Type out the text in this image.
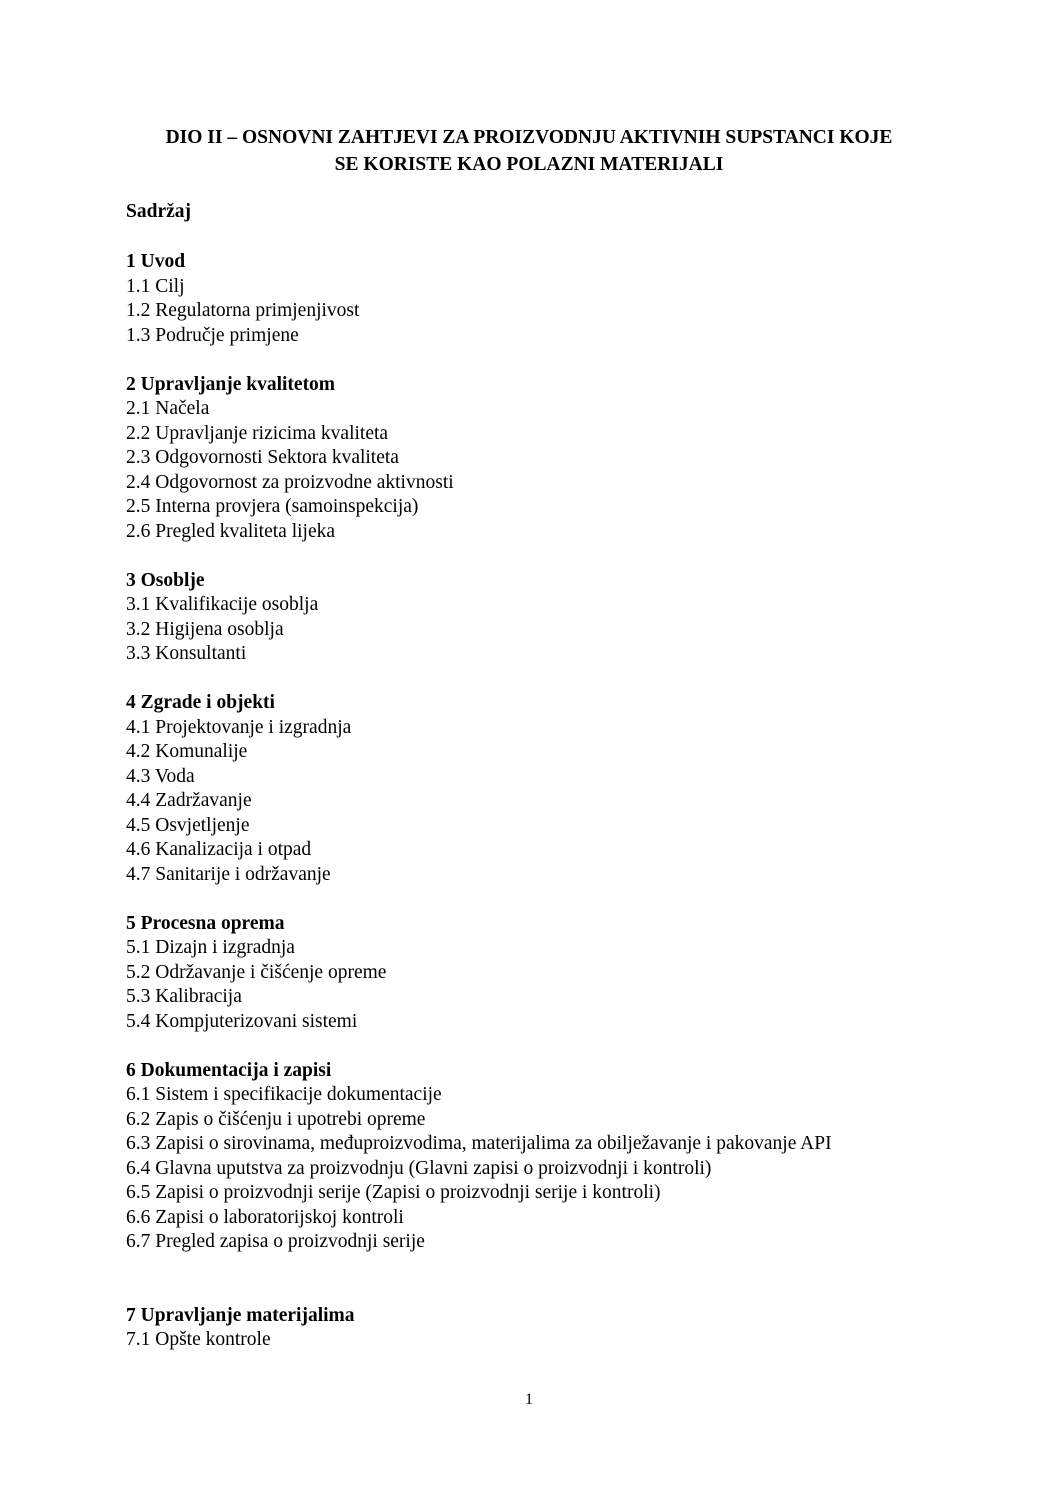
DIO II – OSNOVNI ZAHTJEVI ZA PROIZVODNJU AKTIVNIH SUPSTANCI KOJE
SE KORISTE KAO POLAZNI MATERIJALI
Sadržaj
1 Uvod
1.1 Cilj
1.2 Regulatorna primjenjivost
1.3 Područje primjene
2 Upravljanje kvalitetom
2.1 Načela
2.2 Upravljanje rizicima kvaliteta
2.3 Odgovornosti Sektora kvaliteta
2.4 Odgovornost za proizvodne aktivnosti
2.5 Interna provjera (samoinspekcija)
2.6 Pregled kvaliteta lijeka
3 Osoblje
3.1 Kvalifikacije osoblja
3.2 Higijena osoblja
3.3 Konsultanti
4 Zgrade i objekti
4.1 Projektovanje i izgradnja
4.2 Komunalije
4.3 Voda
4.4 Zadržavanje
4.5 Osvjetljenje
4.6 Kanalizacija i otpad
4.7 Sanitarije i održavanje
5 Procesna oprema
5.1 Dizajn i izgradnja
5.2 Održavanje i čišćenje opreme
5.3 Kalibracija
5.4 Kompjuterizovani sistemi
6 Dokumentacija i zapisi
6.1 Sistem i specifikacije dokumentacije
6.2 Zapis o čišćenju i upotrebi opreme
6.3 Zapisi o sirovinama, međuproizvodima, materijalima za obilježavanje i pakovanje API
6.4 Glavna uputstva za proizvodnju (Glavni zapisi o proizvodnji i kontroli)
6.5 Zapisi o proizvodnji serije (Zapisi o proizvodnji serije i kontroli)
6.6 Zapisi o laboratorijskoj kontroli
6.7 Pregled zapisa o proizvodnji serije
7 Upravljanje materijalima
7.1 Opšte kontrole
1
